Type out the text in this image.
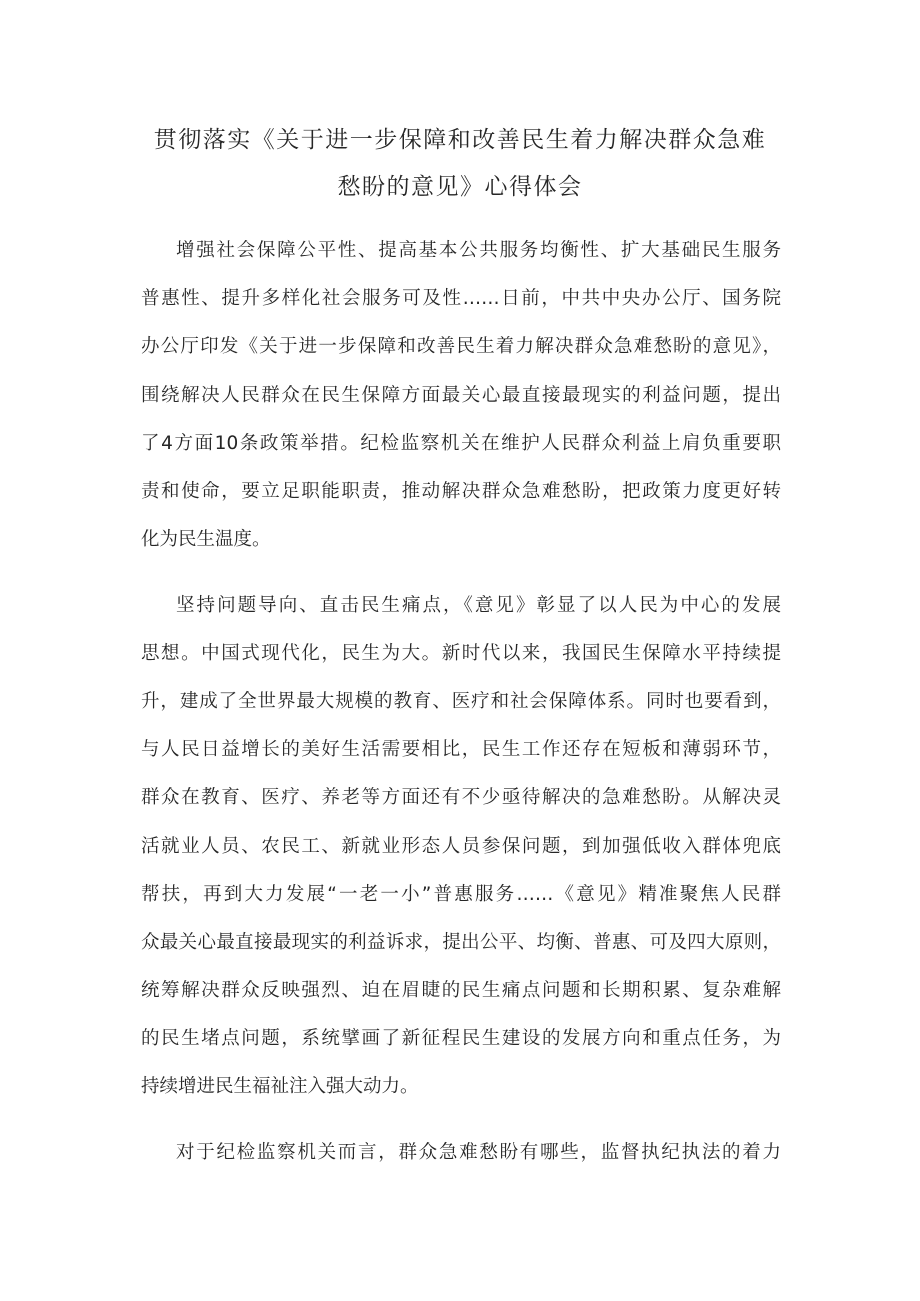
贯彻落实《关于进一步保障和改善民生着力解决群众急难
愁盼的意见》心得体会
增强社会保障公平性、提高基本公共服务均衡性、扩大基础民生服务
普惠性、提升多样化社会服务可及性……日前，中共中央办公厅、国务院
办公厅印发《关于进一步保障和改善民生着力解决群众急难愁盼的意见》，
围绕解决人民群众在民生保障方面最关心最直接最现实的利益问题，提出
了4方面10条政策举措。纪检监察机关在维护人民群众利益上肩负重要职
责和使命，要立足职能职责，推动解决群众急难愁盼，把政策力度更好转
化为民生温度。
坚持问题导向、直击民生痛点，《意见》彰显了以人民为中心的发展
思想。中国式现代化，民生为大。新时代以来，我国民生保障水平持续提
升，建成了全世界最大规模的教育、医疗和社会保障体系。同时也要看到，
与人民日益增长的美好生活需要相比，民生工作还存在短板和薄弱环节，
群众在教育、医疗、养老等方面还有不少亟待解决的急难愁盼。从解决灵
活就业人员、农民工、新就业形态人员参保问题，到加强低收入群体兜底
帮扶，再到大力发展“一老一小”普惠服务……《意见》精准聚焦人民群
众最关心最直接最现实的利益诉求，提出公平、均衡、普惠、可及四大原则，
统筹解决群众反映强烈、迫在眉睫的民生痛点问题和长期积累、复杂难解
的民生堵点问题，系统擘画了新征程民生建设的发展方向和重点任务，为
持续增进民生福祉注入强大动力。
对于纪检监察机关而言，群众急难愁盼有哪些，监督执纪执法的着力
